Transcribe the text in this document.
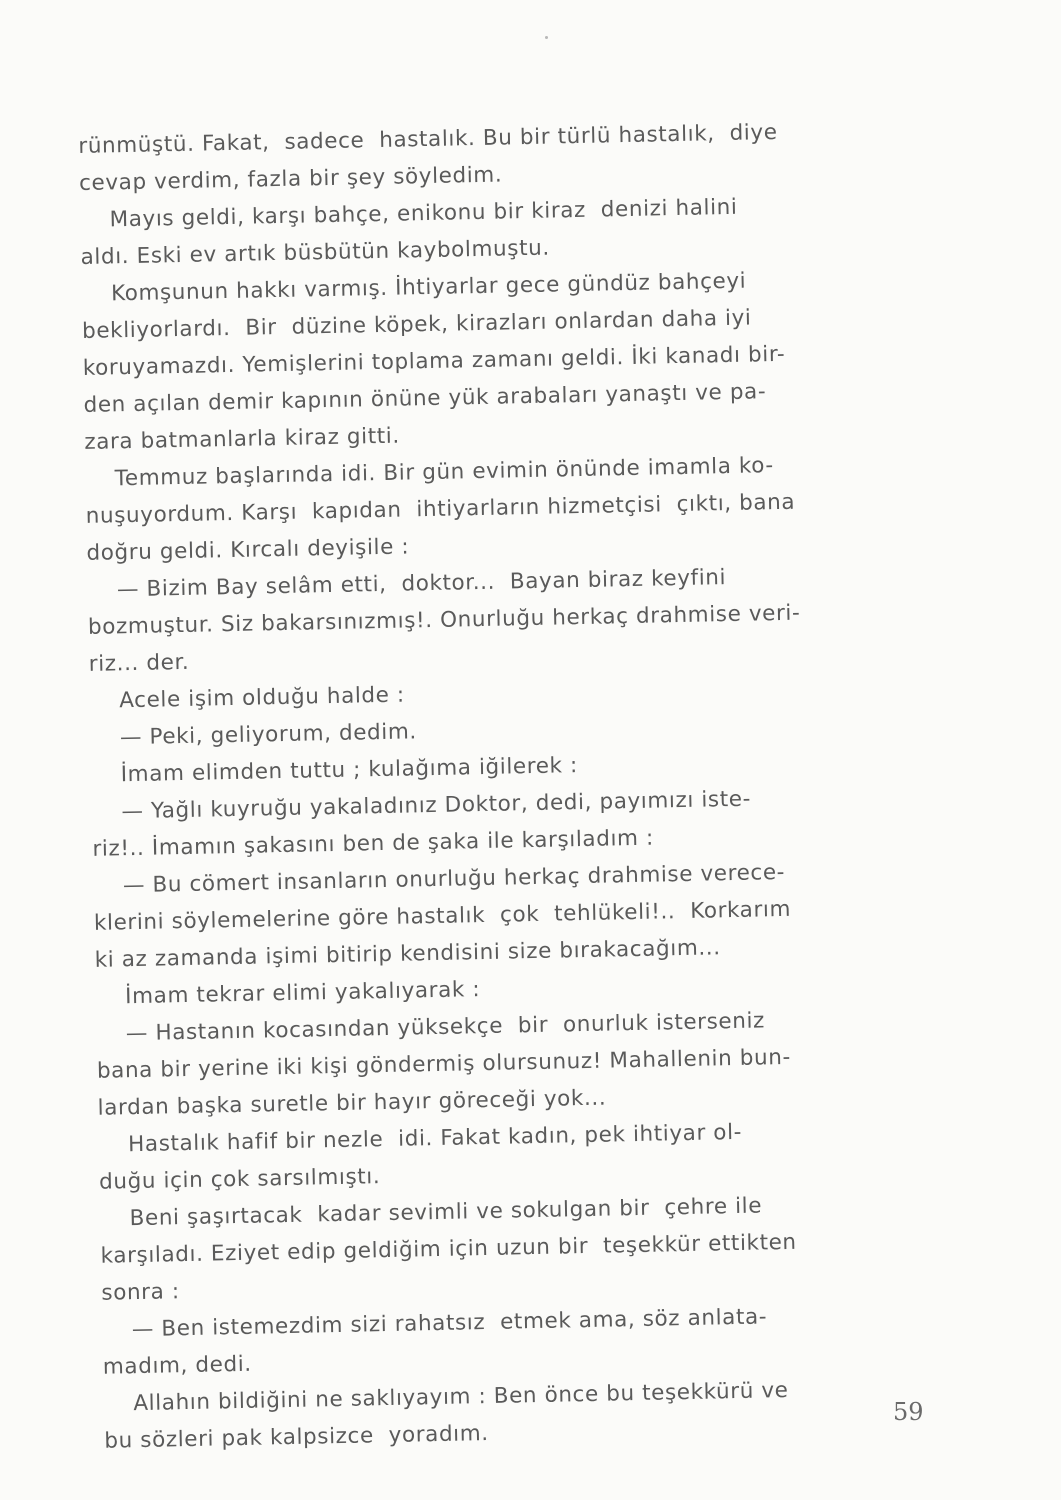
rünmüştü. Fakat,  sadece  hastalık. Bu bir türlü hastalık,  diye
cevap verdim, fazla bir şey söyledim.
Mayıs geldi, karşı bahçe, enikonu bir kiraz  denizi halini
aldı. Eski ev artık büsbütün kaybolmuştu.
Komşunun hakkı varmış. İhtiyarlar gece gündüz bahçeyi
bekliyorlardı.  Bir  düzine köpek, kirazları onlardan daha iyi
koruyamazdı. Yemişlerini toplama zamanı geldi. İki kanadı bir-
den açılan demir kapının önüne yük arabaları yanaştı ve pa-
zara batmanlarla kiraz gitti.
Temmuz başlarında idi. Bir gün evimin önünde imamla ko-
nuşuyordum. Karşı  kapıdan  ihtiyarların hizmetçisi  çıktı, bana
doğru geldi. Kırcalı deyişile :
— Bizim Bay selâm etti,  doktor...  Bayan biraz keyfini
bozmuştur. Siz bakarsınızmış!. Onurluğu herkaç drahmise veri-
riz... der.
Acele işim olduğu halde :
— Peki, geliyorum, dedim.
İmam elimden tuttu ; kulağıma iğilerek :
— Yağlı kuyruğu yakaladınız Doktor, dedi, payımızı iste-
riz!.. İmamın şakasını ben de şaka ile karşıladım :
— Bu cömert insanların onurluğu herkaç drahmise verece-
klerini söylemelerine göre hastalık  çok  tehlükeli!..  Korkarım
ki az zamanda işimi bitirip kendisini size bırakacağım...
İmam tekrar elimi yakalıyarak :
— Hastanın kocasından yüksekçe  bir  onurluk isterseniz
bana bir yerine iki kişi göndermiş olursunuz! Mahallenin bun-
lardan başka suretle bir hayır göreceği yok...
Hastalık hafif bir nezle  idi. Fakat kadın, pek ihtiyar ol-
duğu için çok sarsılmıştı.
Beni şaşırtacak  kadar sevimli ve sokulgan bir  çehre ile
karşıladı. Eziyet edip geldiğim için uzun bir  teşekkür ettikten
sonra :
— Ben istemezdim sizi rahatsız  etmek ama, söz anlata-
madım, dedi.
Allahın bildiğini ne saklıyayım : Ben önce bu teşekkürü ve
bu sözleri pak kalpsizce  yoradım.
59
